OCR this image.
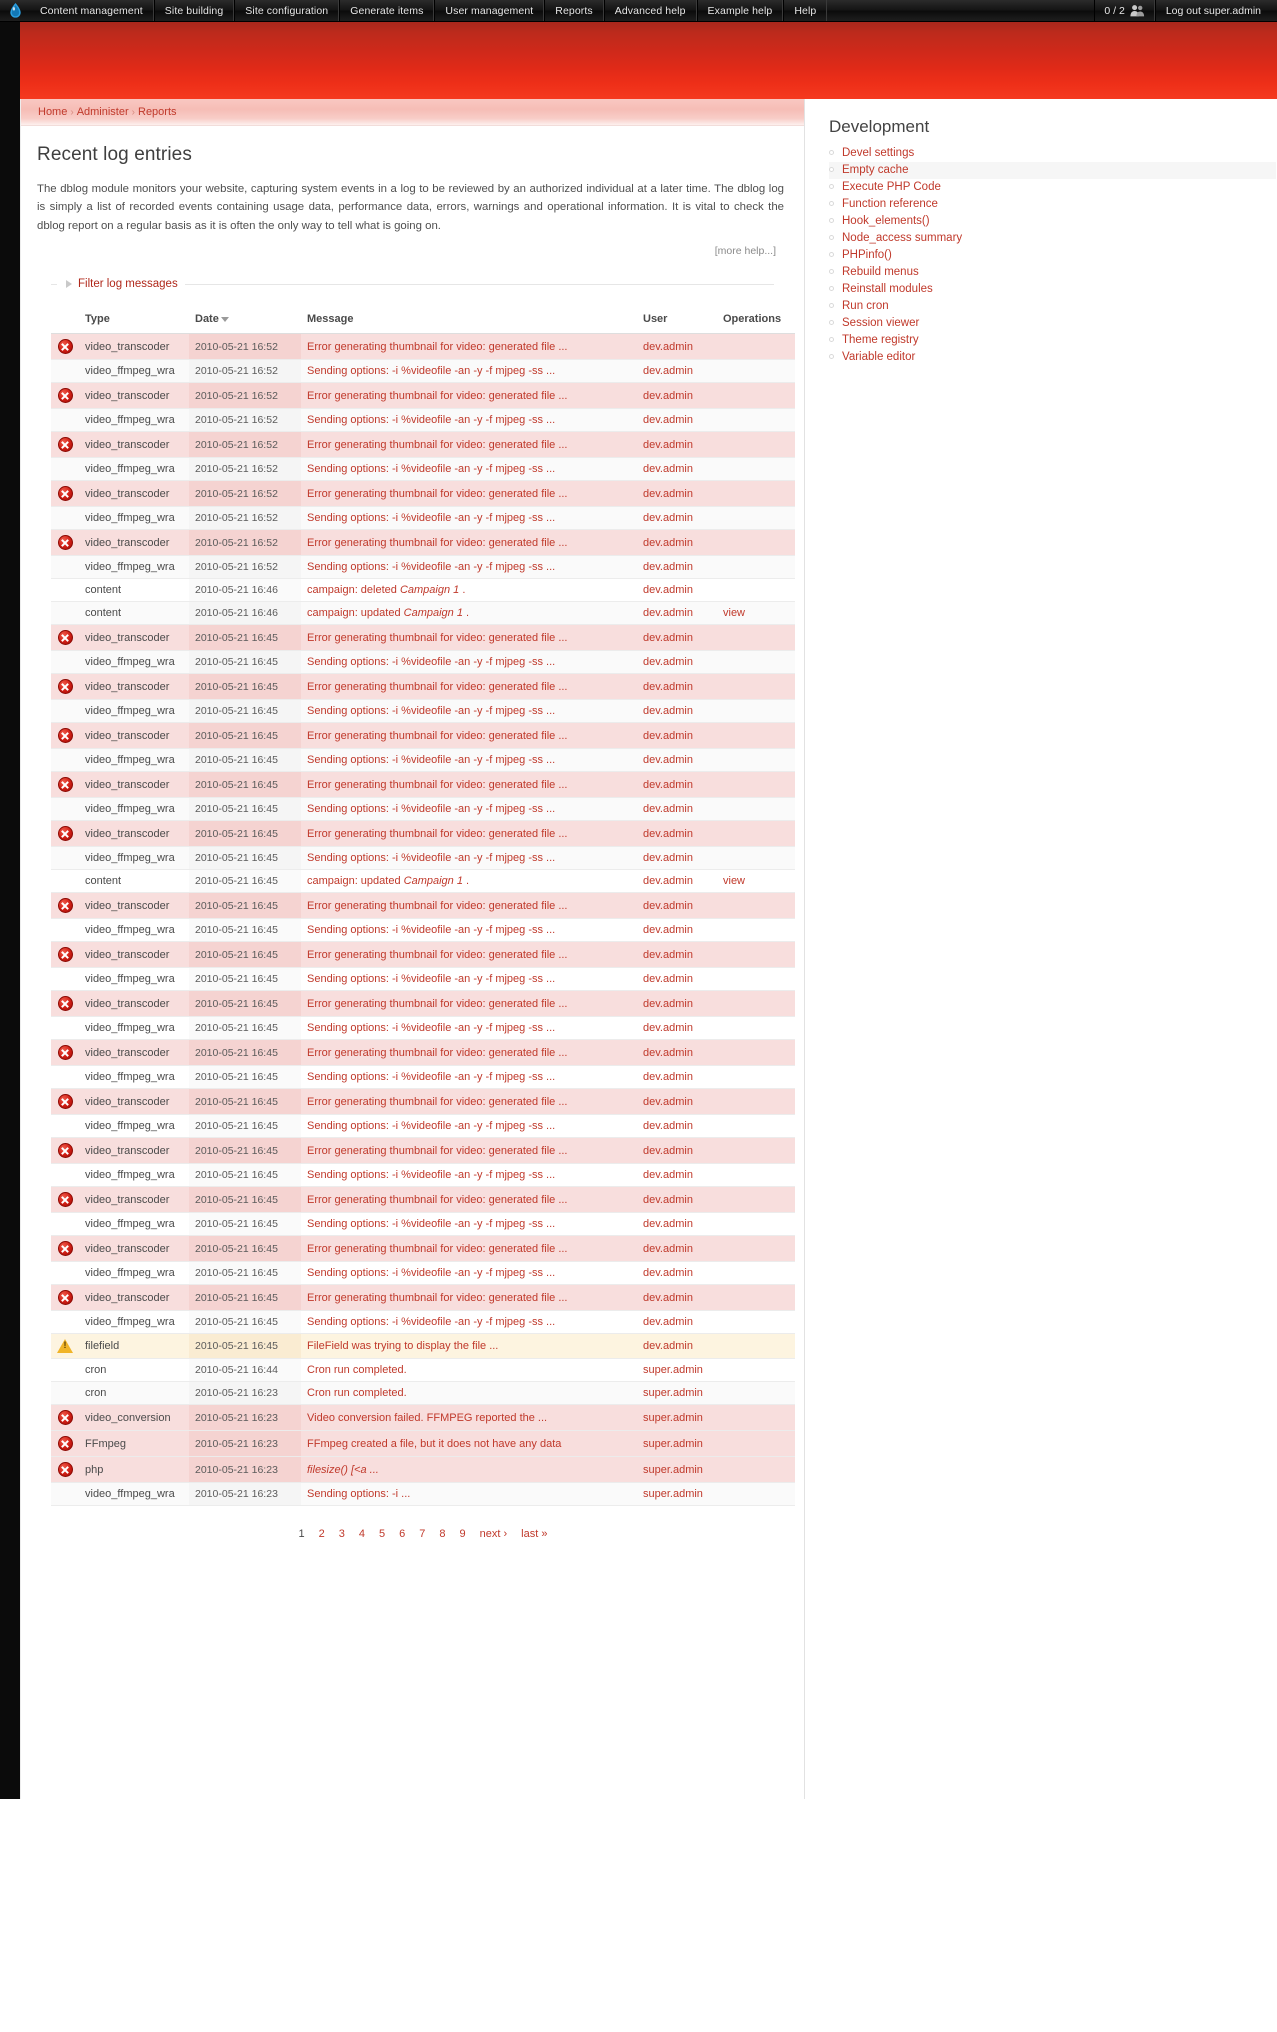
Content management	Site building	Site configuration	Generate items	User management	Reports	Advanced help	Example help	Help	0 / 2	Log out super.admin
Home › Administer › Reports
Recent log entries

The dblog module monitors your website, capturing system events in a log to be reviewed by an authorized individual at a later time. The dblog log is simply a list of recorded events containing usage data, performance data, errors, warnings and operational information. It is vital to check the dblog report on a regular basis as it is often the only way to tell what is going on.

[more help...]
Filter log messages
	Type	Date	Message	User	Operations
	video_transcoder	2010-05-21 16:52	Error generating thumbnail for video: generated file ...	dev.admin	
	video_ffmpeg_wra	2010-05-21 16:52	Sending options: -i %videofile -an -y -f mjpeg -ss ...	dev.admin	
	video_transcoder	2010-05-21 16:52	Error generating thumbnail for video: generated file ...	dev.admin	
	video_ffmpeg_wra	2010-05-21 16:52	Sending options: -i %videofile -an -y -f mjpeg -ss ...	dev.admin	
	video_transcoder	2010-05-21 16:52	Error generating thumbnail for video: generated file ...	dev.admin	
	video_ffmpeg_wra	2010-05-21 16:52	Sending options: -i %videofile -an -y -f mjpeg -ss ...	dev.admin	
	video_transcoder	2010-05-21 16:52	Error generating thumbnail for video: generated file ...	dev.admin	
	video_ffmpeg_wra	2010-05-21 16:52	Sending options: -i %videofile -an -y -f mjpeg -ss ...	dev.admin	
	video_transcoder	2010-05-21 16:52	Error generating thumbnail for video: generated file ...	dev.admin	
	video_ffmpeg_wra	2010-05-21 16:52	Sending options: -i %videofile -an -y -f mjpeg -ss ...	dev.admin	
	content	2010-05-21 16:46	campaign: deleted Campaign 1 .	dev.admin	
	content	2010-05-21 16:46	campaign: updated Campaign 1 .	dev.admin	view
	video_transcoder	2010-05-21 16:45	Error generating thumbnail for video: generated file ...	dev.admin	
	video_ffmpeg_wra	2010-05-21 16:45	Sending options: -i %videofile -an -y -f mjpeg -ss ...	dev.admin	
	video_transcoder	2010-05-21 16:45	Error generating thumbnail for video: generated file ...	dev.admin	
	video_ffmpeg_wra	2010-05-21 16:45	Sending options: -i %videofile -an -y -f mjpeg -ss ...	dev.admin	
	video_transcoder	2010-05-21 16:45	Error generating thumbnail for video: generated file ...	dev.admin	
	video_ffmpeg_wra	2010-05-21 16:45	Sending options: -i %videofile -an -y -f mjpeg -ss ...	dev.admin	
	video_transcoder	2010-05-21 16:45	Error generating thumbnail for video: generated file ...	dev.admin	
	video_ffmpeg_wra	2010-05-21 16:45	Sending options: -i %videofile -an -y -f mjpeg -ss ...	dev.admin	
	video_transcoder	2010-05-21 16:45	Error generating thumbnail for video: generated file ...	dev.admin	
	video_ffmpeg_wra	2010-05-21 16:45	Sending options: -i %videofile -an -y -f mjpeg -ss ...	dev.admin	
	content	2010-05-21 16:45	campaign: updated Campaign 1 .	dev.admin	view
	video_transcoder	2010-05-21 16:45	Error generating thumbnail for video: generated file ...	dev.admin	
	video_ffmpeg_wra	2010-05-21 16:45	Sending options: -i %videofile -an -y -f mjpeg -ss ...	dev.admin	
	video_transcoder	2010-05-21 16:45	Error generating thumbnail for video: generated file ...	dev.admin	
	video_ffmpeg_wra	2010-05-21 16:45	Sending options: -i %videofile -an -y -f mjpeg -ss ...	dev.admin	
	video_transcoder	2010-05-21 16:45	Error generating thumbnail for video: generated file ...	dev.admin	
	video_ffmpeg_wra	2010-05-21 16:45	Sending options: -i %videofile -an -y -f mjpeg -ss ...	dev.admin	
	video_transcoder	2010-05-21 16:45	Error generating thumbnail for video: generated file ...	dev.admin	
	video_ffmpeg_wra	2010-05-21 16:45	Sending options: -i %videofile -an -y -f mjpeg -ss ...	dev.admin	
	video_transcoder	2010-05-21 16:45	Error generating thumbnail for video: generated file ...	dev.admin	
	video_ffmpeg_wra	2010-05-21 16:45	Sending options: -i %videofile -an -y -f mjpeg -ss ...	dev.admin	
	video_transcoder	2010-05-21 16:45	Error generating thumbnail for video: generated file ...	dev.admin	
	video_ffmpeg_wra	2010-05-21 16:45	Sending options: -i %videofile -an -y -f mjpeg -ss ...	dev.admin	
	video_transcoder	2010-05-21 16:45	Error generating thumbnail for video: generated file ...	dev.admin	
	video_ffmpeg_wra	2010-05-21 16:45	Sending options: -i %videofile -an -y -f mjpeg -ss ...	dev.admin	
	video_transcoder	2010-05-21 16:45	Error generating thumbnail for video: generated file ...	dev.admin	
	video_ffmpeg_wra	2010-05-21 16:45	Sending options: -i %videofile -an -y -f mjpeg -ss ...	dev.admin	
	video_transcoder	2010-05-21 16:45	Error generating thumbnail for video: generated file ...	dev.admin	
	video_ffmpeg_wra	2010-05-21 16:45	Sending options: -i %videofile -an -y -f mjpeg -ss ...	dev.admin	
!	filefield	2010-05-21 16:45	FileField was trying to display the file ...	dev.admin	
	cron	2010-05-21 16:44	Cron run completed.	super.admin	
	cron	2010-05-21 16:23	Cron run completed.	super.admin	
	video_conversion	2010-05-21 16:23	Video conversion failed. FFMPEG reported the ...	super.admin	
	FFmpeg	2010-05-21 16:23	FFmpeg created a file, but it does not have any data	super.admin	
	php	2010-05-21 16:23	filesize() [<a ...	super.admin	
	video_ffmpeg_wra	2010-05-21 16:23	Sending options: -i ...	super.admin	
1 2 3 4 5 6 7 8 9 next › last »
Development
Devel settings
Empty cache
Execute PHP Code
Function reference
Hook_elements()
Node_access summary
PHPinfo()
Rebuild menus
Reinstall modules
Run cron
Session viewer
Theme registry
Variable editor
